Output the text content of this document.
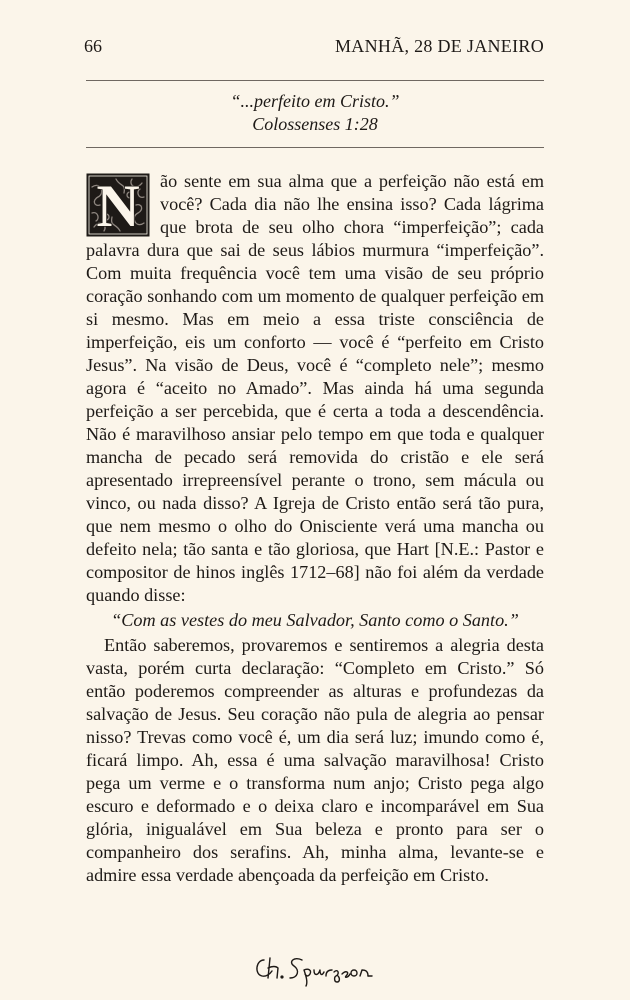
66	MANHÃ, 28 DE JANEIRO
“...perfeito em Cristo.”
Colossenses 1:28
N	ão sente em sua alma que a perfeição não está em você? Cada dia não lhe ensina isso? Cada lágrima que brota de seu olho chora “imperfeição”; cada palavra dura que sai de seus lábios murmura “imperfeição”. Com muita frequência você tem uma visão de seu próprio coração sonhando com um momento de qualquer perfeição em si mesmo. Mas em meio a essa triste consciência de imperfeição, eis um conforto — você é “perfeito em Cristo Jesus”. Na visão de Deus, você é “completo nele”; mesmo agora é “aceito no Amado”. Mas ainda há uma segunda perfeição a ser percebida, que é certa a toda a descendência. Não é maravilhoso ansiar pelo tempo em que toda e qualquer mancha de pecado será removida do cristão e ele será apresentado irrepreensível perante o trono, sem mácula ou vinco, ou nada disso? A Igreja de Cristo então será tão pura, que nem mesmo o olho do Onisciente verá uma mancha ou defeito nela; tão santa e tão gloriosa, que Hart [N.E.: Pastor e compositor de hinos inglês 1712–68] não foi além da verdade quando disse:

“Com as vestes do meu Salvador, Santo como o Santo.”

Então saberemos, provaremos e sentiremos a alegria desta vasta, porém curta declaração: “Completo em Cristo.” Só então poderemos compreender as alturas e profundezas da salvação de Jesus. Seu coração não pula de alegria ao pensar nisso? Trevas como você é, um dia será luz; imundo como é, ficará limpo. Ah, essa é uma salvação maravilhosa! Cristo pega um verme e o transforma num anjo; Cristo pega algo escuro e deformado e o deixa claro e incomparável em Sua glória, inigualável em Sua beleza e pronto para ser o companheiro dos serafins. Ah, minha alma, levante-se e admire essa verdade abençoada da perfeição em Cristo.
